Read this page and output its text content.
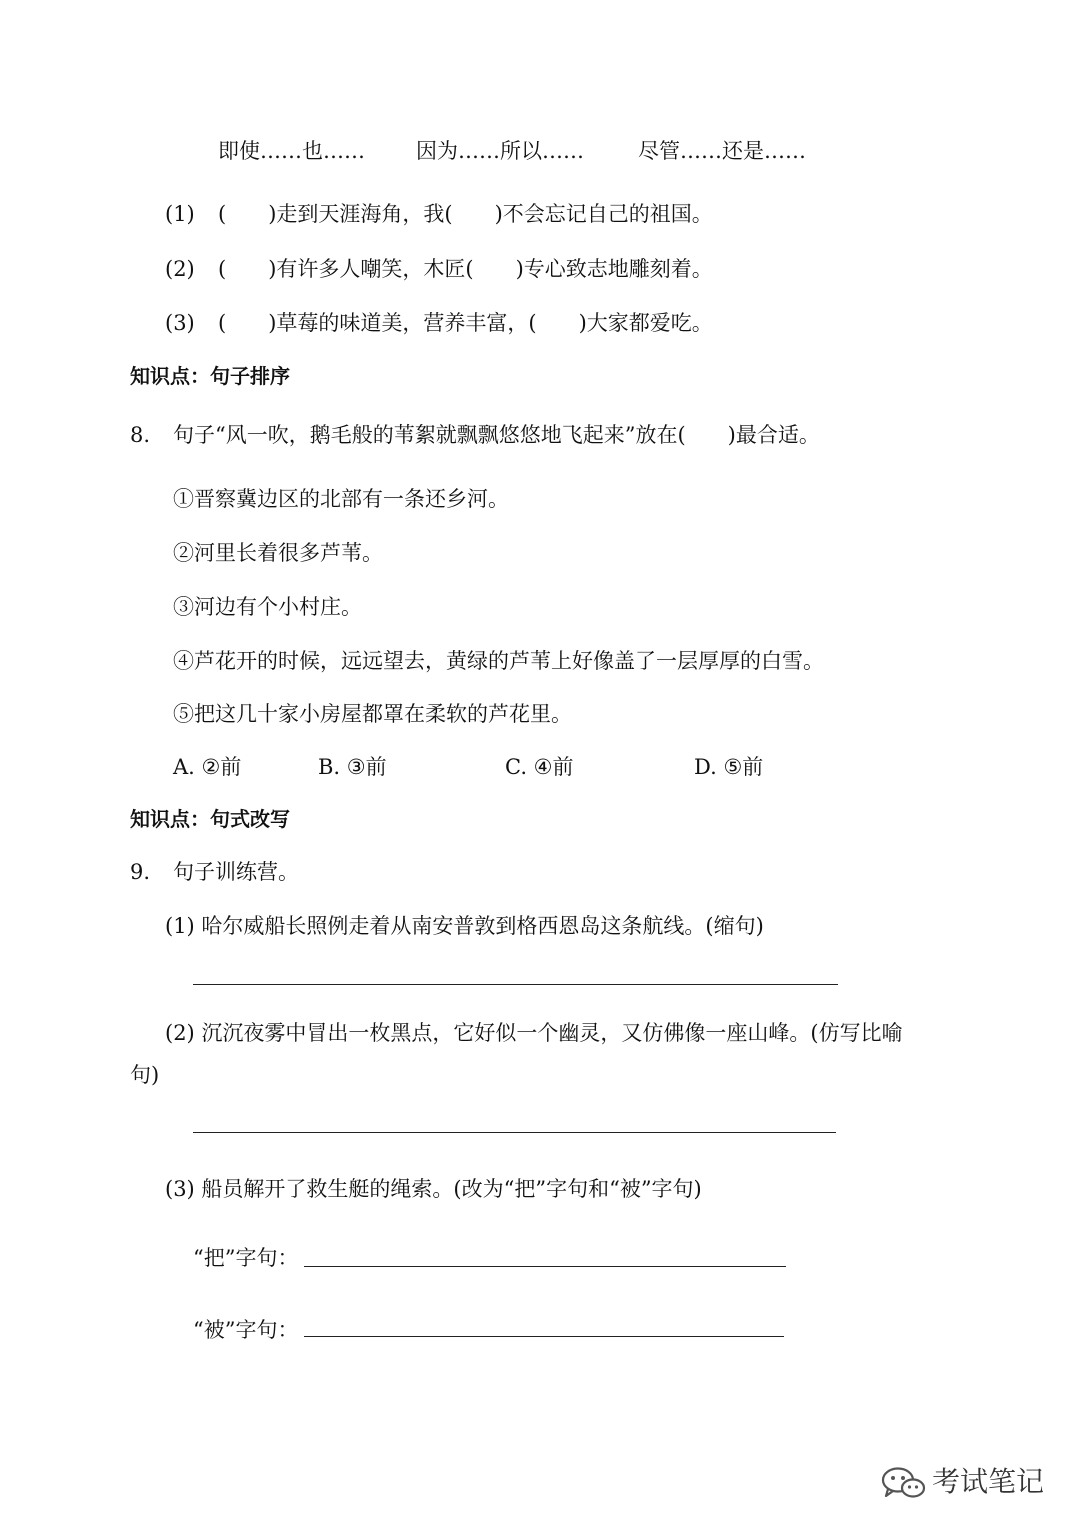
即使……也…… 因为……所以……	尽管……还是……
(1) (　　)走到天涯海角，我(　　)不会忘记自己的祖国。
(2) (　　)有许多人嘲笑，木匠(　　)专心致志地雕刻着。
(3) (　　)草莓的味道美，营养丰富，(　　)大家都爱吃。
知识点：句子排序
8. 句子“风一吹，鹅毛般的苇絮就飘飘悠悠地飞起来”放在(　　)最合适。
①晋察冀边区的北部有一条还乡河。
②河里长着很多芦苇。
③河边有个小村庄。
④芦花开的时候，远远望去，黄绿的芦苇上好像盖了一层厚厚的白雪。
⑤把这几十家小房屋都罩在柔软的芦花里。
A. ②前	B. ③前	C. ④前	D. ⑤前
知识点：句式改写
9. 句子训练营。
(1) 哈尔威船长照例走着从南安普敦到格西恩岛这条航线。(缩句)
(2) 沉沉夜雾中冒出一枚黑点，它好似一个幽灵，又仿佛像一座山峰。(仿写比喻
句)
(3) 船员解开了救生艇的绳索。(改为“把”字句和“被”字句)
“把”字句：
“被”字句：
考试笔记
